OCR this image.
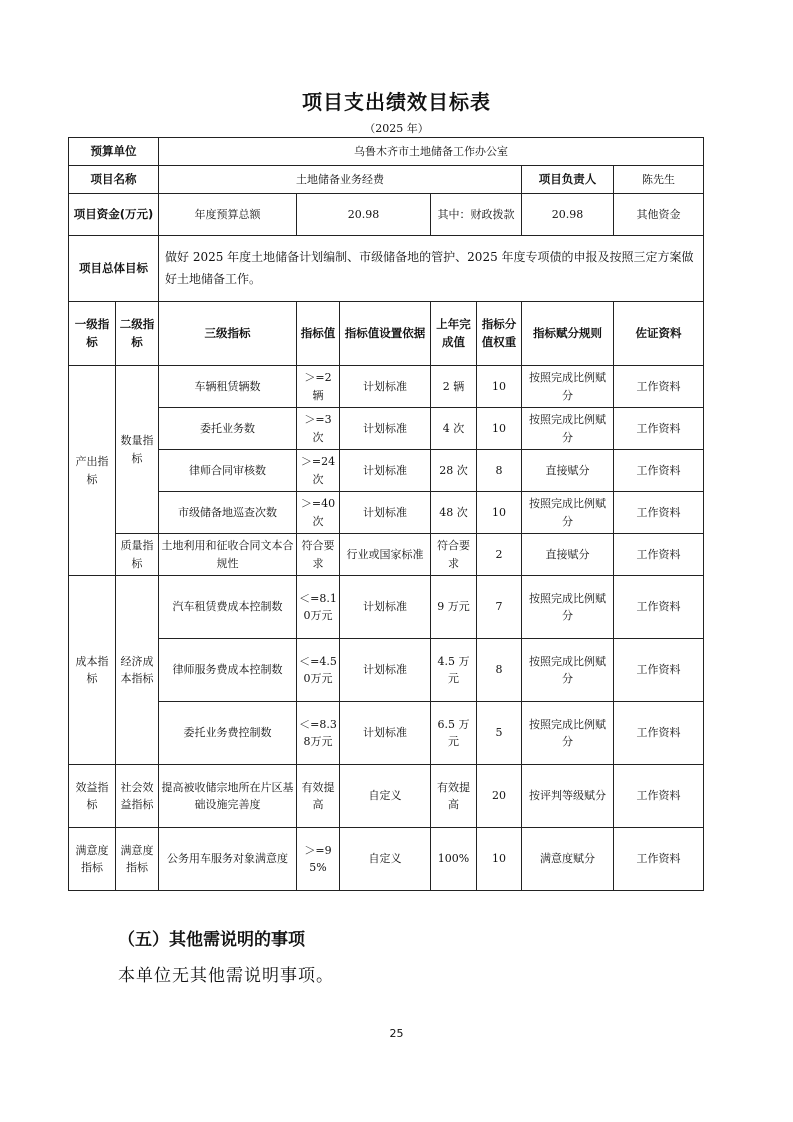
项目支出绩效目标表
（2025 年）
预算单位		乌鲁木齐市土地储备工作办公室						
项目名称		土地储备业务经费					项目负责人	陈先生
项目资金(万元)		年度预算总额	20.98		其中：财政拨款		20.98	其他资金
项目总体目标		做好 2025 年度土地储备计划编制、市级储备地的管护、2025 年度专项债的申报及按照三定方案做好土地储备工作。						
一级指标	二级指标	三级指标	指标值	指标值设置依据	上年完成值	指标分值权重	指标赋分规则	佐证资料
产出指标	数量指标	车辆租赁辆数	＞=2辆	计划标准	2 辆	10	按照完成比例赋分	工作资料
		委托业务数	＞=3次	计划标准	4 次	10	按照完成比例赋分	工作资料
		律师合同审核数	＞=24次	计划标准	28 次	8	直接赋分	工作资料
		市级储备地巡查次数	＞=40次	计划标准	48 次	10	按照完成比例赋分	工作资料
	质量指标	土地利用和征收合同文本合规性	符合要求	行业或国家标准	符合要求	2	直接赋分	工作资料
成本指标	经济成本指标	汽车租赁费成本控制数	＜=8.10万元	计划标准	9 万元	7	按照完成比例赋分	工作资料
		律师服务费成本控制数	＜=4.50万元	计划标准	4.5 万元	8	按照完成比例赋分	工作资料
		委托业务费控制数	＜=8.38万元	计划标准	6.5 万元	5	按照完成比例赋分	工作资料
效益指标	社会效益指标	提高被收储宗地所在片区基础设施完善度	有效提高	自定义	有效提高	20	按评判等级赋分	工作资料
满意度指标	满意度指标	公务用车服务对象满意度	＞=95%	自定义	100%	10	满意度赋分	工作资料
（五）其他需说明的事项
本单位无其他需说明事项。
25
